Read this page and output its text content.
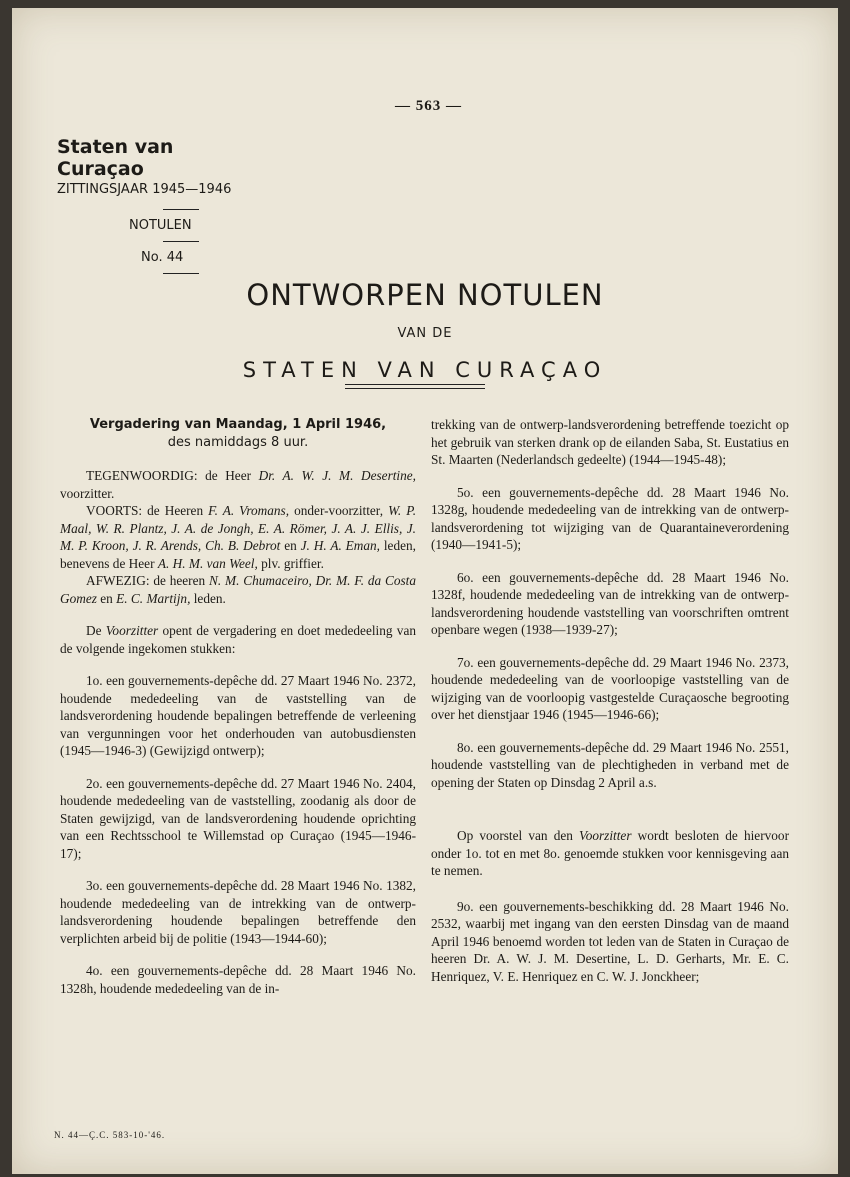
— 563 —
Staten van Curaçao
ZITTINGSJAAR 1945—1946
NOTULEN
No. 44
ONTWORPEN NOTULEN
VAN DE
STATEN VAN CURAÇAO

Vergadering van Maandag, 1 April 1946,
des namiddags 8 uur.

TEGENWOORDIG: de Heer Dr. A. W. J. M. Desertine, voorzitter.

VOORTS: de Heeren F. A. Vromans, onder-voorzitter, W. P. Maal, W. R. Plantz, J. A. de Jongh, E. A. Römer, J. A. J. Ellis, J. M. P. Kroon, J. R. Arends, Ch. B. Debrot en J. H. A. Eman, leden, benevens de Heer A. H. M. van Weel, plv. griffier.

AFWEZIG: de heeren N. M. Chumaceiro, Dr. M. F. da Costa Gomez en E. C. Martijn, leden.

De Voorzitter opent de vergadering en doet mededeeling van de volgende ingekomen stukken:

1o. een gouvernements-depêche dd. 27 Maart 1946 No. 2372, houdende mededeeling van de vaststelling van de landsverordening houdende bepalingen betreffende de verleening van vergunningen voor het onderhouden van autobusdiensten (1945—1946-3) (Gewijzigd ontwerp);

2o. een gouvernements-depêche dd. 27 Maart 1946 No. 2404, houdende mededeeling van de vaststelling, zoodanig als door de Staten gewijzigd, van de landsverordening houdende oprichting van een Rechtsschool te Willemstad op Curaçao (1945—1946-17);

3o. een gouvernements-depêche dd. 28 Maart 1946 No. 1382, houdende mededeeling van de intrekking van de ontwerp-landsverordening houdende bepalingen betreffende den verplichten arbeid bij de politie (1943—1944-60);

4o. een gouvernements-depêche dd. 28 Maart 1946 No. 1328h, houdende mededeeling van de in-

trekking van de ontwerp-landsverordening betreffende toezicht op het gebruik van sterken drank op de eilanden Saba, St. Eustatius en St. Maarten (Nederlandsch gedeelte) (1944—1945-48);

5o. een gouvernements-depêche dd. 28 Maart 1946 No. 1328g, houdende mededeeling van de intrekking van de ontwerp-landsverordening tot wijziging van de Quarantaineverordening (1940—1941-5);

6o. een gouvernements-depêche dd. 28 Maart 1946 No. 1328f, houdende mededeeling van de intrekking van de ontwerp-landsverordening houdende vaststelling van voorschriften omtrent openbare wegen (1938—1939-27);

7o. een gouvernements-depêche dd. 29 Maart 1946 No. 2373, houdende mededeeling van de voorloopige vaststelling van de wijziging van de voorloopig vastgestelde Curaçaosche begrooting over het dienstjaar 1946 (1945—1946-66);

8o. een gouvernements-depêche dd. 29 Maart 1946 No. 2551, houdende vaststelling van de plechtigheden in verband met de opening der Staten op Dinsdag 2 April a.s.

Op voorstel van den Voorzitter wordt besloten de hiervoor onder 1o. tot en met 8o. genoemde stukken voor kennisgeving aan te nemen.

9o. een gouvernements-beschikking dd. 28 Maart 1946 No. 2532, waarbij met ingang van den eersten Dinsdag van de maand April 1946 benoemd worden tot leden van de Staten in Curaçao de heeren Dr. A. W. J. M. Desertine, L. D. Gerharts, Mr. E. C. Henriquez, V. E. Henriquez en C. W. J. Jonckheer;

N. 44—Ç.C. 583-10-'46.
